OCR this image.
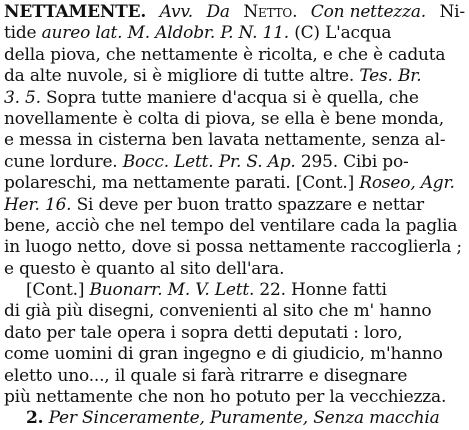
NETTAMENTE. Avv. Da Netto. Con nettezza. Ni-
tide aureo lat. M. Aldobr. P. N. 11. (C) L'acqua
della piova, che nettamente è ricolta, e che è caduta
da alte nuvole, si è migliore di tutte altre. Tes. Br.
3. 5. Sopra tutte maniere d'acqua si è quella, che
novellamente è colta di piova, se ella è bene monda,
e messa in cisterna ben lavata nettamente, senza al-
cune lordure. Bocc. Lett. Pr. S. Ap. 295. Cibi po-
polareschi, ma nettamente parati. [Cont.] Roseo, Agr.
Her. 16. Si deve per buon tratto spazzare e nettar
bene, acciò che nel tempo del ventilare cada la paglia
in luogo netto, dove si possa nettamente raccoglierla ;
e questo è quanto al sito dell'ara.
[Cont.] Buonarr. M. V. Lett. 22. Honne fatti
di già più disegni, convenienti al sito che m' hanno
dato per tale opera i sopra detti deputati : loro,
come uomini di gran ingegno e di giudicio, m'hanno
eletto uno..., il quale si farà ritrarre e disegnare
più nettamente che non ho potuto per la vecchiezza.
2. Per Sinceramente, Puramente, Senza macchia
